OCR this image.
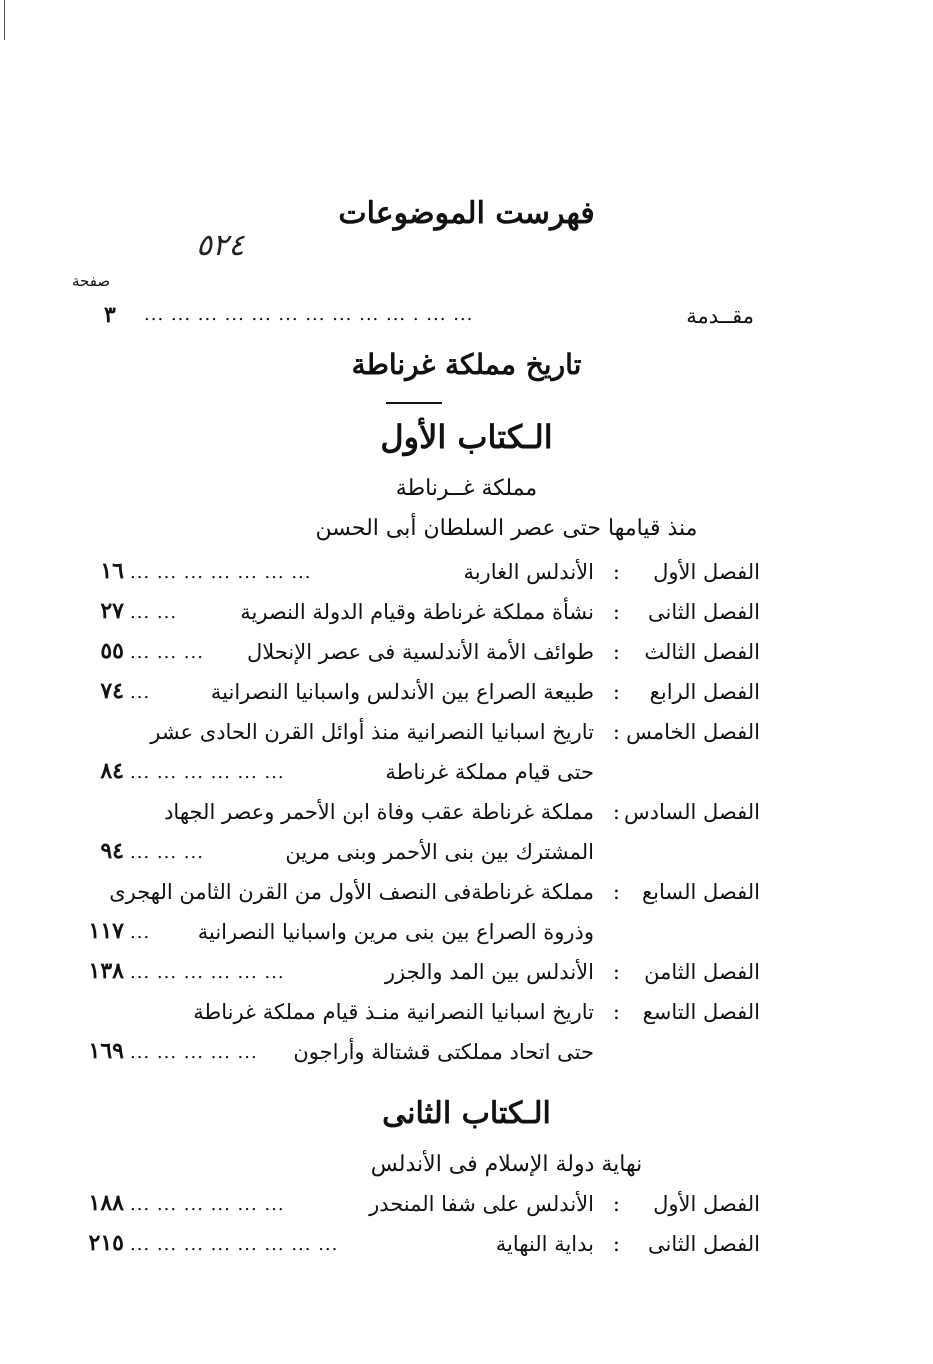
فهرست الموضوعات
٥٢٤
صفحة
مقــدمة
... ... ... ... ... ... ... ... ... ... . ... ...
٣
تاريخ مملكة غرناطة
الـكتاب الأول
مملكة غــرناطة
منذ قيامها حتى عصر السلطان أبى الحسن
الفصل الأول
:
الأندلس الغاربة
... ... ... ... ... ... ...
١٦
الفصل الثانى
:
نشأة مملكة غرناطة وقيام الدولة النصرية
... ...
٢٧
الفصل الثالث
:
طوائف الأمة الأندلسية فى عصر الإنحلال
... ... ...
٥٥
الفصل الرابع
:
طبيعة الصراع بين الأندلس واسبانيا النصرانية
...
٧٤
الفصل الخامس
:
تاريخ اسبانيا النصرانية منذ أوائل القرن الحادى عشر
حتى قيام مملكة غرناطة
... ... ... ... ... ...
٨٤
الفصل السادس
:
مملكة غرناطة عقب وفاة ابن الأحمر وعصر الجهاد
المشترك بين بنى الأحمر وبنى مرين
... ... ...
٩٤
الفصل السابع
:
مملكة غرناطةفى النصف الأول من القرن الثامن الهجرى
وذروة الصراع بين بنى مرين واسبانيا النصرانية
...
١١٧
الفصل الثامن
:
الأندلس بين المد والجزر
... ... ... ... ... ...
١٣٨
الفصل التاسع
:
تاريخ اسبانيا النصرانية منـذ قيام مملكة غرناطة
حتى اتحاد مملكتى قشتالة وأراجون
... ... ... ... ...
١٦٩
الـكتاب الثانى
نهاية دولة الإسلام فى الأندلس
الفصل الأول
:
الأندلس على شفا المنحدر
... ... ... ... ... ...
١٨٨
الفصل الثانى
:
بداية النهاية
... ... ... ... ... ... ... ...
٢١٥
